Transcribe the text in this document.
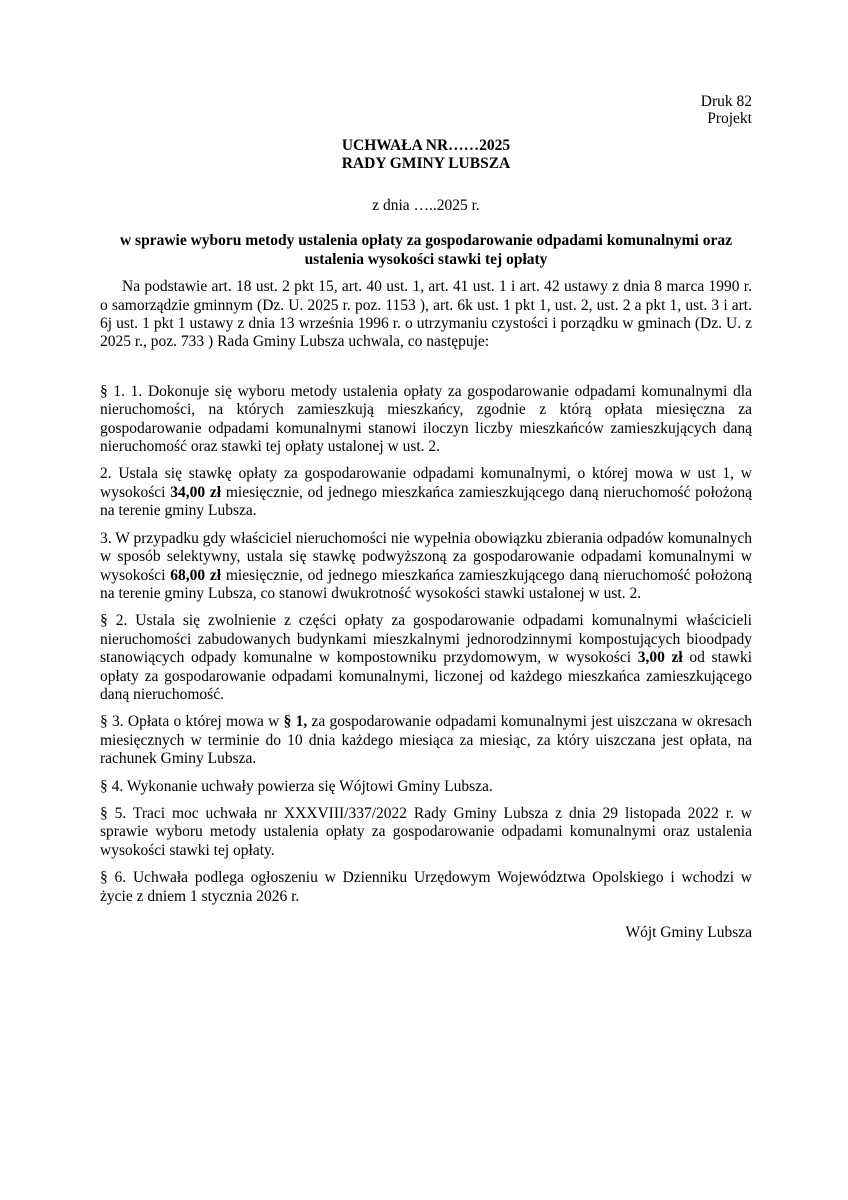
Druk 82
Projekt
UCHWAŁA NR……2025
RADY GMINY LUBSZA
z dnia …..2025 r.
w sprawie wyboru metody ustalenia opłaty za gospodarowanie odpadami komunalnymi oraz
ustalenia wysokości stawki tej opłaty

Na podstawie art. 18 ust. 2 pkt 15, art. 40 ust. 1, art. 41 ust. 1 i art. 42 ustawy z dnia 8 marca 1990 r. o samorządzie gminnym (Dz. U. 2025 r. poz. 1153 ), art. 6k ust. 1 pkt 1, ust. 2, ust. 2 a pkt 1, ust. 3 i art. 6j ust. 1 pkt 1 ustawy z dnia 13 września 1996 r. o utrzymaniu czystości i porządku w gminach (Dz. U. z 2025 r., poz. 733 ) Rada Gminy Lubsza uchwala, co następuje:

§ 1. 1. Dokonuje się wyboru metody ustalenia opłaty za gospodarowanie odpadami komunalnymi dla nieruchomości, na których zamieszkują mieszkańcy, zgodnie z którą opłata miesięczna za gospodarowanie odpadami komunalnymi stanowi iloczyn liczby mieszkańców zamieszkujących daną nieruchomość oraz stawki tej opłaty ustalonej w ust. 2.

2. Ustala się stawkę opłaty za gospodarowanie odpadami komunalnymi, o której mowa w ust 1, w wysokości 34,00 zł miesięcznie, od jednego mieszkańca zamieszkującego daną nieruchomość położoną na terenie gminy Lubsza.

3. W przypadku gdy właściciel nieruchomości nie wypełnia obowiązku zbierania odpadów komunalnych w sposób selektywny, ustala się stawkę podwyższoną za gospodarowanie odpadami komunalnymi w wysokości 68,00 zł miesięcznie, od jednego mieszkańca zamieszkującego daną nieruchomość położoną na terenie gminy Lubsza, co stanowi dwukrotność wysokości stawki ustalonej w ust. 2.

§ 2. Ustala się zwolnienie z części opłaty za gospodarowanie odpadami komunalnymi właścicieli nieruchomości zabudowanych budynkami mieszkalnymi jednorodzinnymi kompostujących bioodpady stanowiących odpady komunalne w kompostowniku przydomowym, w wysokości 3,00 zł od stawki opłaty za gospodarowanie odpadami komunalnymi, liczonej od każdego mieszkańca zamieszkującego daną nieruchomość.

§ 3. Opłata o której mowa w § 1, za gospodarowanie odpadami komunalnymi jest uiszczana w okresach miesięcznych w terminie do 10 dnia każdego miesiąca za miesiąc, za który uiszczana jest opłata, na rachunek Gminy Lubsza.

§ 4. Wykonanie uchwały powierza się Wójtowi Gminy Lubsza.

§ 5. Traci moc uchwała nr XXXVIII/337/2022 Rady Gminy Lubsza z dnia 29 listopada 2022 r. w sprawie wyboru metody ustalenia opłaty za gospodarowanie odpadami komunalnymi oraz ustalenia wysokości stawki tej opłaty.

§ 6. Uchwała podlega ogłoszeniu w Dzienniku Urzędowym Województwa Opolskiego i wchodzi w życie z dniem 1 stycznia 2026 r.

Wójt Gminy Lubsza
